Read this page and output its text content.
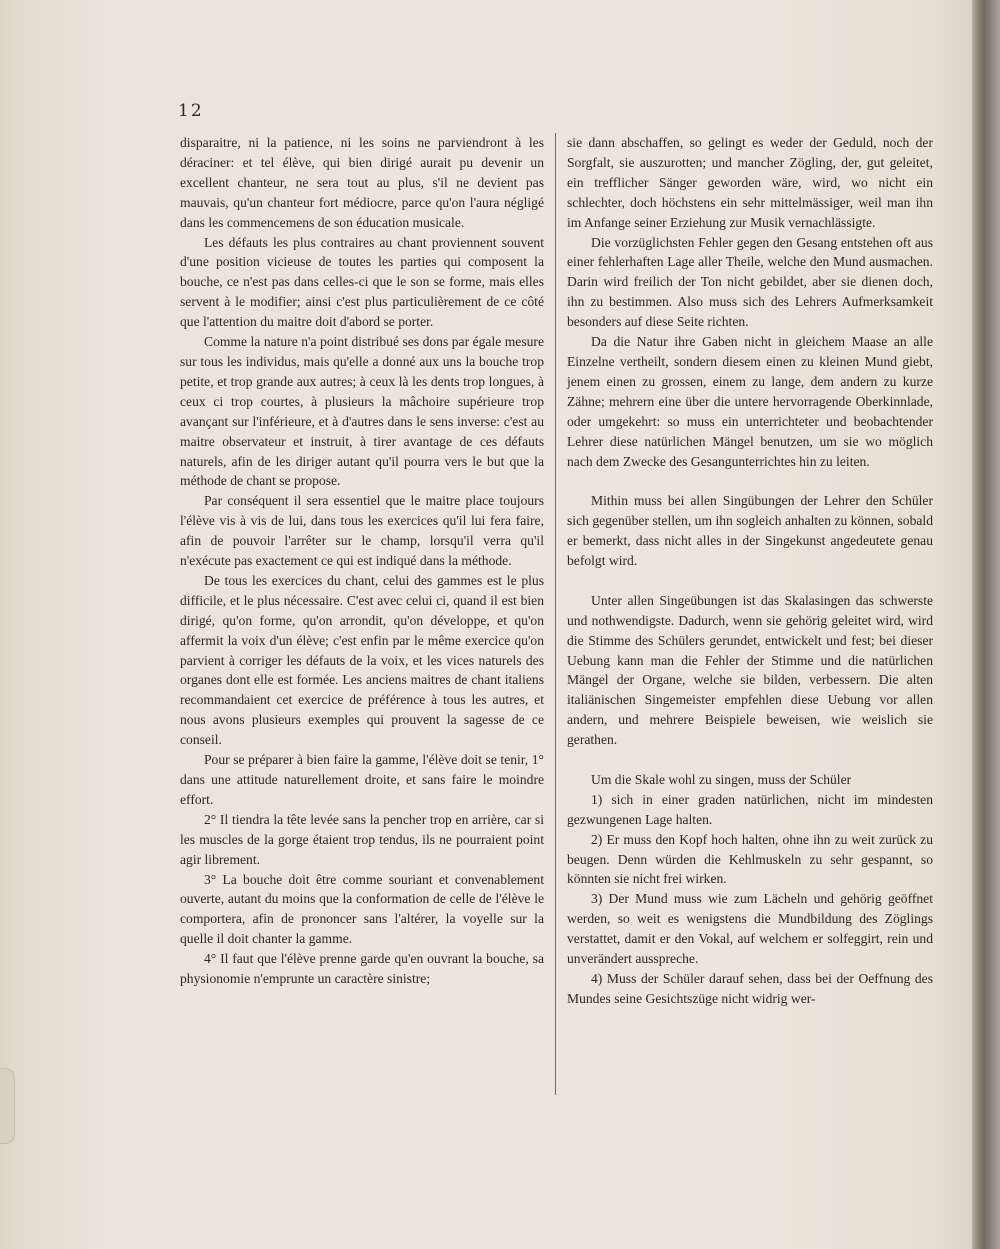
12

disparaitre, ni la patience, ni les soins ne parviendront à les déraciner: et tel élève, qui bien dirigé aurait pu devenir un excellent chanteur, ne sera tout au plus, s'il ne devient pas mauvais, qu'un chanteur fort médiocre, parce qu'on l'aura négligé dans les commencemens de son éducation musicale.

Les défauts les plus contraires au chant proviennent souvent d'une position vicieuse de toutes les parties qui composent la bouche, ce n'est pas dans celles-ci que le son se forme, mais elles servent à le modifier; ainsi c'est plus particulièrement de ce côté que l'attention du maitre doit d'abord se porter.

Comme la nature n'a point distribué ses dons par égale mesure sur tous les individus, mais qu'elle a donné aux uns la bouche trop petite, et trop grande aux autres; à ceux là les dents trop longues, à ceux ci trop courtes, à plusieurs la mâchoire supérieure trop avançant sur l'inférieure, et à d'autres dans le sens inverse: c'est au maitre observateur et instruit, à tirer avantage de ces défauts naturels, afin de les diriger autant qu'il pourra vers le but que la méthode de chant se propose.

Par conséquent il sera essentiel que le maitre place toujours l'élève vis à vis de lui, dans tous les exercices qu'il lui fera faire, afin de pouvoir l'arrêter sur le champ, lorsqu'il verra qu'il n'exécute pas exactement ce qui est indiqué dans la méthode.

De tous les exercices du chant, celui des gammes est le plus difficile, et le plus nécessaire. C'est avec celui ci, quand il est bien dirigé, qu'on forme, qu'on arrondit, qu'on développe, et qu'on affermit la voix d'un élève; c'est enfin par le même exercice qu'on parvient à corriger les défauts de la voix, et les vices naturels des organes dont elle est formée. Les anciens maitres de chant italiens recommandaient cet exercice de préférence à tous les autres, et nous avons plusieurs exemples qui prouvent la sagesse de ce conseil.

Pour se préparer à bien faire la gamme, l'élève doit se tenir, 1° dans une attitude naturellement droite, et sans faire le moindre effort.

2° Il tiendra la tête levée sans la pencher trop en arrière, car si les muscles de la gorge étaient trop tendus, ils ne pourraient point agir librement.

3° La bouche doit être comme souriant et convenablement ouverte, autant du moins que la conformation de celle de l'élève le comportera, afin de prononcer sans l'altérer, la voyelle sur la quelle il doit chanter la gamme.

4° Il faut que l'élève prenne garde qu'en ouvrant la bouche, sa physionomie n'emprunte un caractère sinistre;

sie dann abschaffen, so gelingt es weder der Geduld, noch der Sorgfalt, sie auszurotten; und mancher Zögling, der, gut geleitet, ein trefflicher Sänger geworden wäre, wird, wo nicht ein schlechter, doch höchstens ein sehr mittelmässiger, weil man ihn im Anfange seiner Erziehung zur Musik vernachlässigte.

Die vorzüglichsten Fehler gegen den Gesang entstehen oft aus einer fehlerhaften Lage aller Theile, welche den Mund ausmachen. Darin wird freilich der Ton nicht gebildet, aber sie dienen doch, ihn zu bestimmen. Also muss sich des Lehrers Aufmerksamkeit besonders auf diese Seite richten.

Da die Natur ihre Gaben nicht in gleichem Maase an alle Einzelne vertheilt, sondern diesem einen zu kleinen Mund giebt, jenem einen zu grossen, einem zu lange, dem andern zu kurze Zähne; mehrern eine über die untere hervorragende Oberkinnlade, oder umgekehrt: so muss ein unterrichteter und beobachtender Lehrer diese natürlichen Mängel benutzen, um sie wo möglich nach dem Zwecke des Gesangunterrichtes hin zu leiten.

Mithin muss bei allen Singübungen der Lehrer den Schüler sich gegenüber stellen, um ihn sogleich anhalten zu können, sobald er bemerkt, dass nicht alles in der Singekunst angedeutete genau befolgt wird.

Unter allen Singeübungen ist das Skalasingen das schwerste und nothwendigste. Dadurch, wenn sie gehörig geleitet wird, wird die Stimme des Schülers gerundet, entwickelt und fest; bei dieser Uebung kann man die Fehler der Stimme und die natürlichen Mängel der Organe, welche sie bilden, verbessern. Die alten italiänischen Singemeister empfehlen diese Uebung vor allen andern, und mehrere Beispiele beweisen, wie weislich sie gerathen.

Um die Skale wohl zu singen, muss der Schüler

1) sich in einer graden natürlichen, nicht im mindesten gezwungenen Lage halten.

2) Er muss den Kopf hoch halten, ohne ihn zu weit zurück zu beugen. Denn würden die Kehlmuskeln zu sehr gespannt, so könnten sie nicht frei wirken.

3) Der Mund muss wie zum Lächeln und gehörig geöffnet werden, so weit es wenigstens die Mundbildung des Zöglings verstattet, damit er den Vokal, auf welchem er solfeggirt, rein und unverändert ausspreche.

4) Muss der Schüler darauf sehen, dass bei der Oeffnung des Mundes seine Gesichtszüge nicht widrig wer-
